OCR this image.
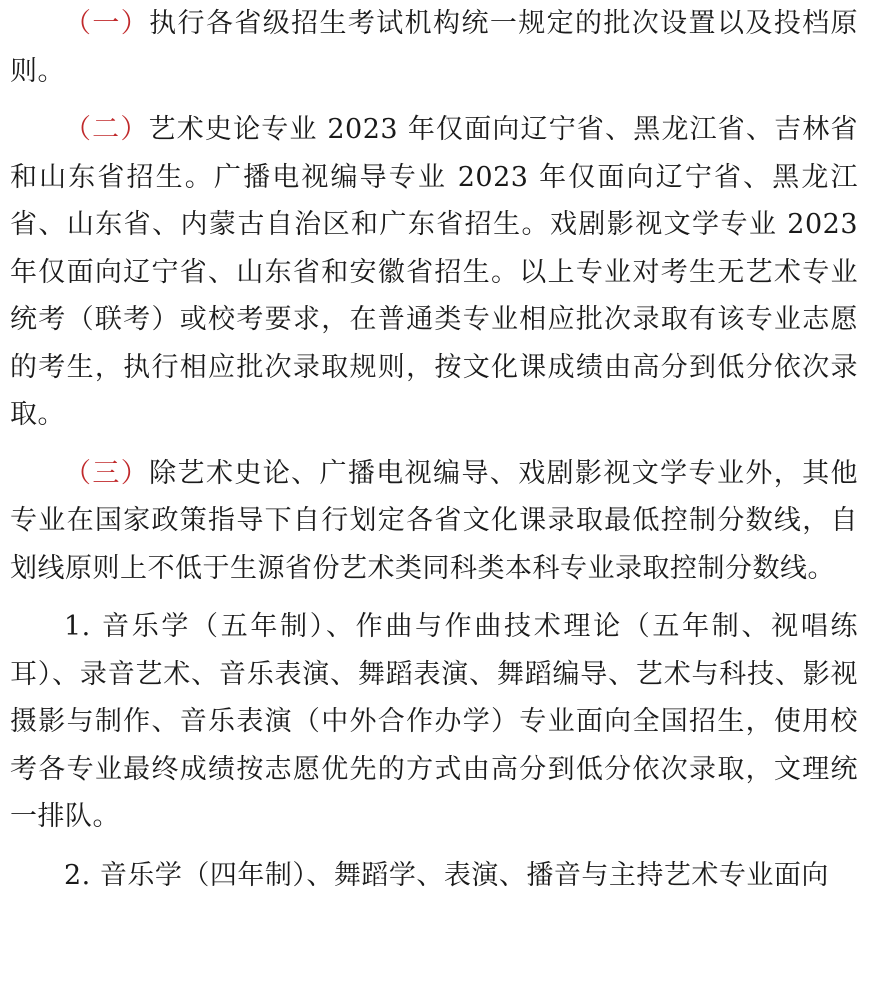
（一）执行各省级招生考试机构统一规定的批次设置以及投档原则。

（二）艺术史论专业 2023 年仅面向辽宁省、黑龙江省、吉林省和山东省招生。广播电视编导专业 2023 年仅面向辽宁省、黑龙江省、山东省、内蒙古自治区和广东省招生。戏剧影视文学专业 2023 年仅面向辽宁省、山东省和安徽省招生。以上专业对考生无艺术专业统考（联考）或校考要求，在普通类专业相应批次录取有该专业志愿的考生，执行相应批次录取规则，按文化课成绩由高分到低分依次录取。

（三）除艺术史论、广播电视编导、戏剧影视文学专业外，其他专业在国家政策指导下自行划定各省文化课录取最低控制分数线，自划线原则上不低于生源省份艺术类同科类本科专业录取控制分数线。

1. 音乐学（五年制）、作曲与作曲技术理论（五年制、视唱练耳）、录音艺术、音乐表演、舞蹈表演、舞蹈编导、艺术与科技、影视摄影与制作、音乐表演（中外合作办学）专业面向全国招生，使用校考各专业最终成绩按志愿优先的方式由高分到低分依次录取，文理统一排队。

2. 音乐学（四年制）、舞蹈学、表演、播音与主持艺术专业面向
